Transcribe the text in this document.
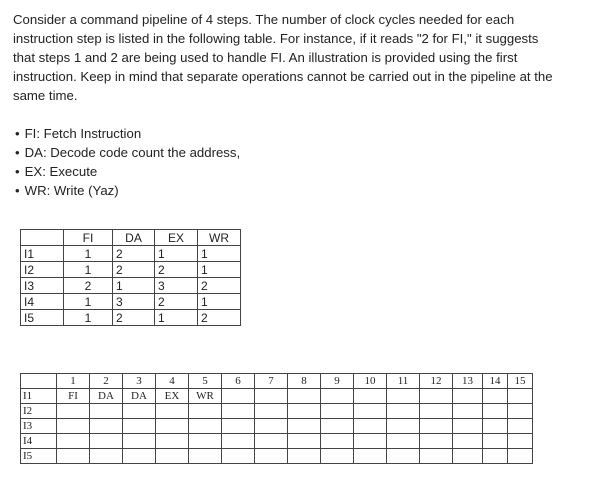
Consider a command pipeline of 4 steps. The number of clock cycles needed for each instruction step is listed in the following table. For instance, if it reads "2 for FI," it suggests that steps 1 and 2 are being used to handle FI. An illustration is provided using the first instruction. Keep in mind that separate operations cannot be carried out in the pipeline at the same time.

• FI: Fetch Instruction
• DA: Decode code count the address,
• EX: Execute
• WR: Write (Yaz)
	FI	DA	EX	WR
I1	1	2	1	1
I2	1	2	2	1
I3	2	1	3	2
I4	1	3	2	1
I5	1	2	1	2
	1	2	3	4	5	6	7	8	9	10	11	12	13	14	15
I1	FI	DA	DA	EX	WR										
I2															
I3															
I4															
I5															
